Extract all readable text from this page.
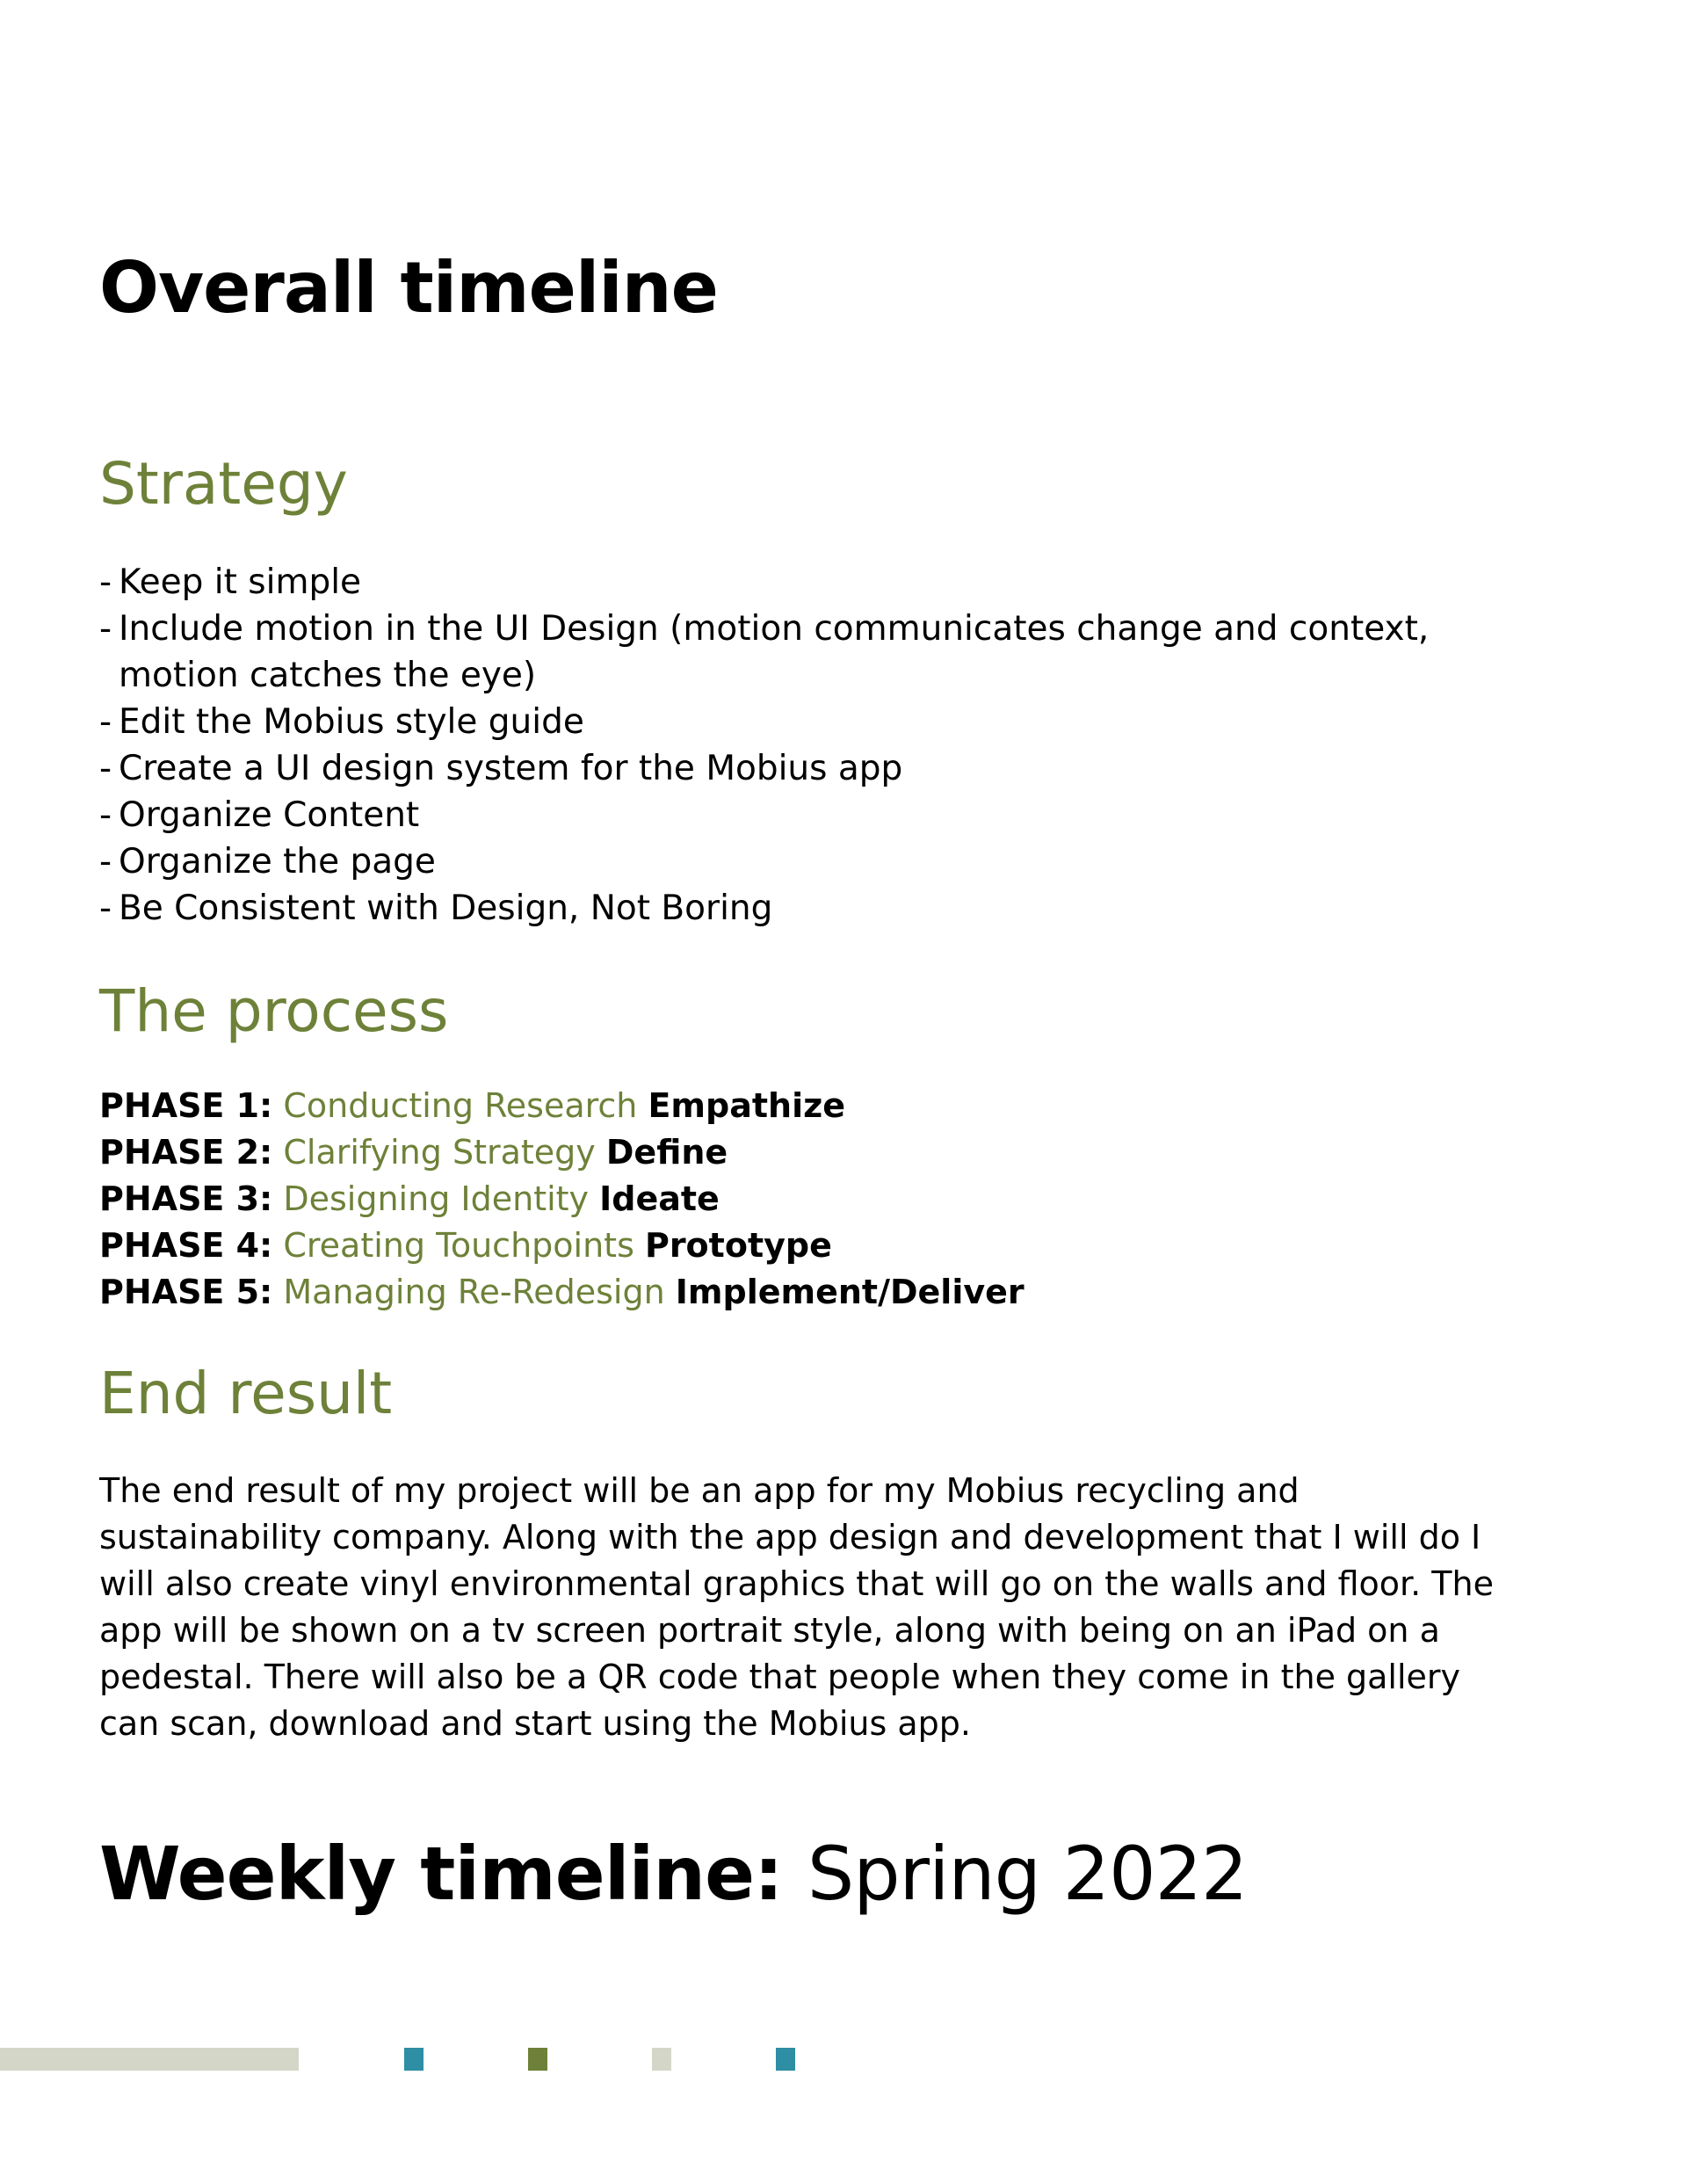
Overall timeline
Strategy
- Keep it simple
- Include motion in the UI Design (motion communicates change and context,
motion catches the eye)
- Edit the Mobius style guide
- Create a UI design system for the Mobius app
- Organize Content
- Organize the page
- Be Consistent with Design, Not Boring
The process
PHASE 1: Conducting Research Empathize
PHASE 2: Clarifying Strategy Define
PHASE 3: Designing Identity Ideate
PHASE 4: Creating Touchpoints Prototype
PHASE 5: Managing Re-Redesign Implement/Deliver
End result

The end result of my project will be an app for my Mobius recycling and
sustainability company. Along with the app design and development that I will do I
will also create vinyl environmental graphics that will go on the walls and floor. The
app will be shown on a tv screen portrait style, along with being on an iPad on a
pedestal. There will also be a QR code that people when they come in the gallery
can scan, download and start using the Mobius app.

Weekly timeline: Spring 2022
